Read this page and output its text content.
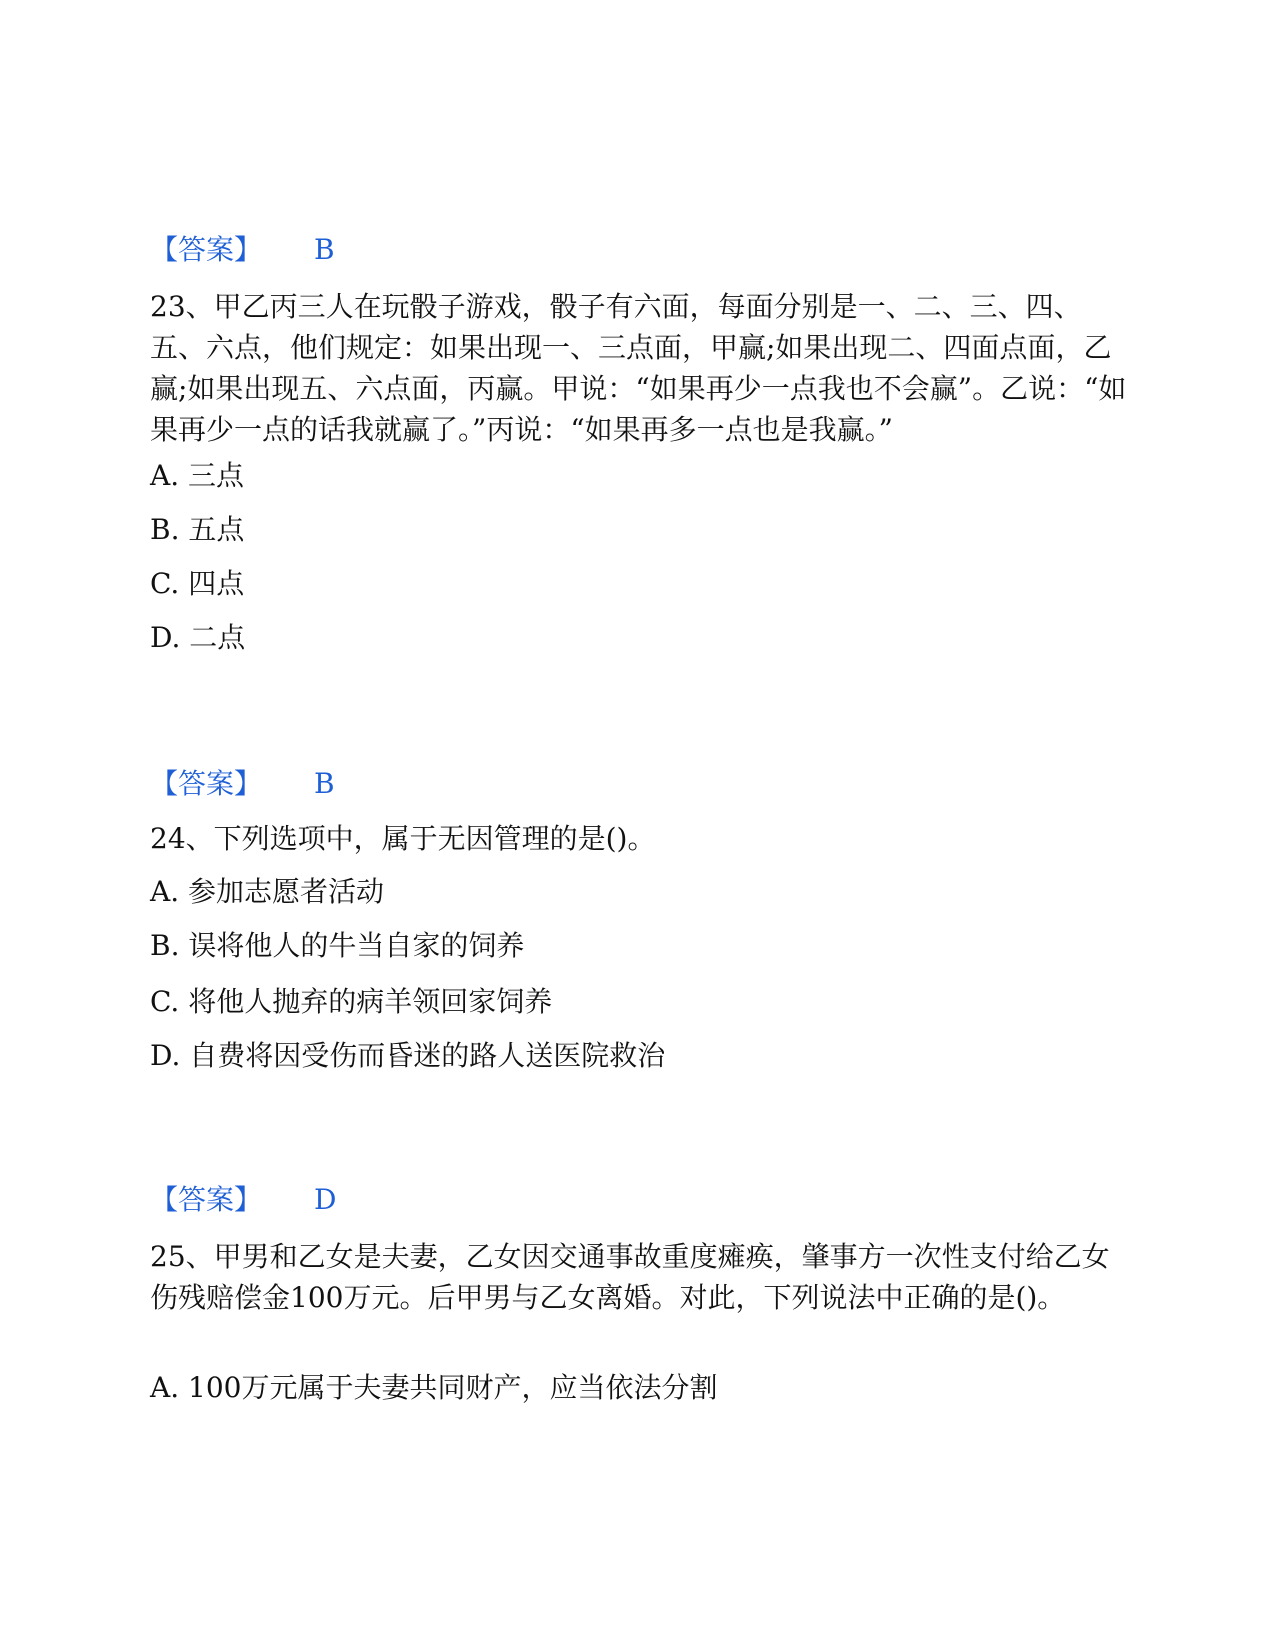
【答案】 B
23、甲乙丙三人在玩骰子游戏，骰子有六面，每面分别是一、二、三、四、五、六点，他们规定：如果出现一、三点面，甲赢;如果出现二、四面点面，乙赢;如果出现五、六点面，丙赢。甲说：“如果再少一点我也不会赢”。乙说：“如果再少一点的话我就赢了。”丙说：“如果再多一点也是我赢。”
A. 三点
B. 五点
C. 四点
D. 二点
【答案】 B
24、下列选项中，属于无因管理的是()。
A. 参加志愿者活动
B. 误将他人的牛当自家的饲养
C. 将他人抛弃的病羊领回家饲养
D. 自费将因受伤而昏迷的路人送医院救治
【答案】 D
25、甲男和乙女是夫妻，乙女因交通事故重度瘫痪，肇事方一次性支付给乙女伤残赔偿金100万元。后甲男与乙女离婚。对此，下列说法中正确的是()。
A. 100万元属于夫妻共同财产，应当依法分割
